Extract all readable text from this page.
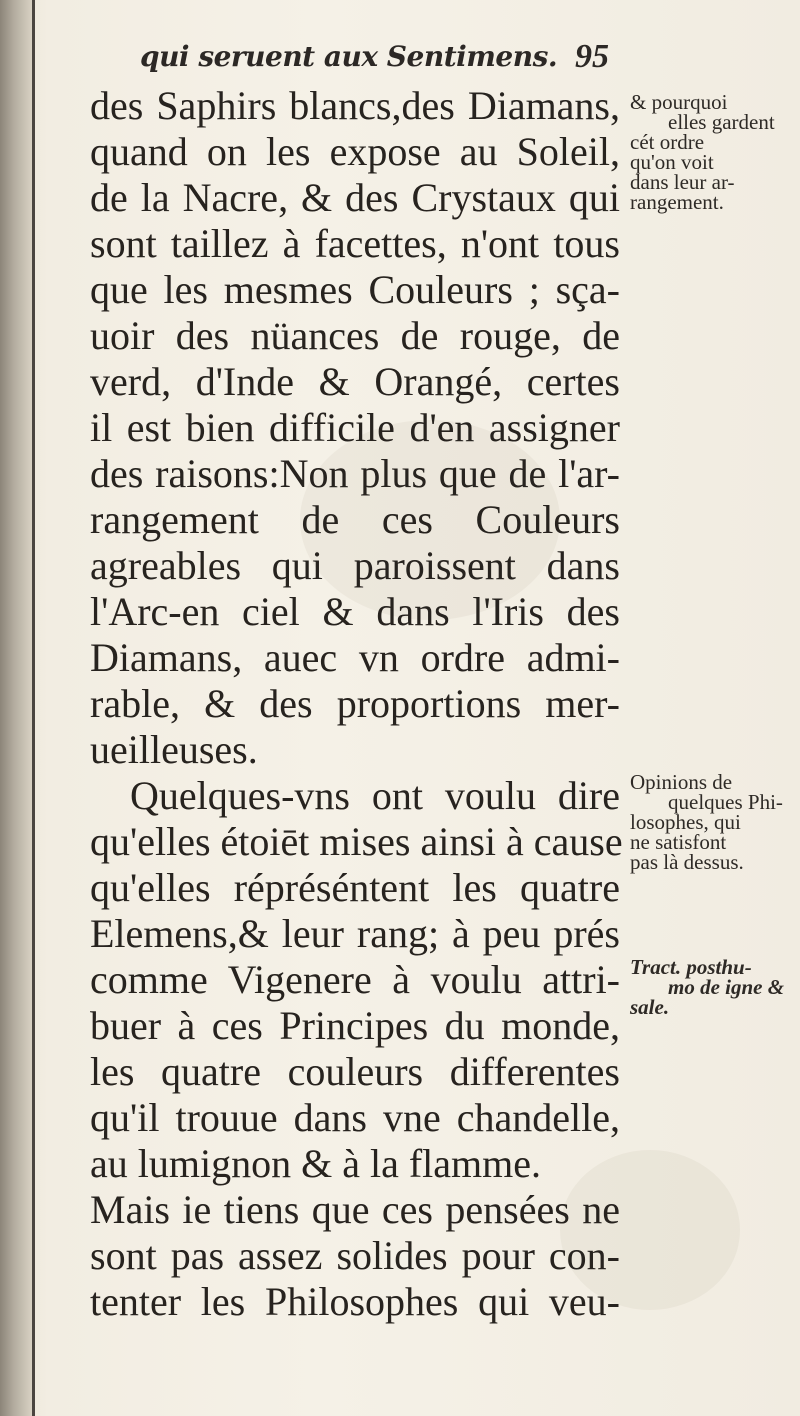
qui seruent aux Sentimens. 95
des Saphirs blancs,des Diamans,
quand on les expose au Soleil,
de la Nacre, & des Crystaux qui
sont taillez à facettes, n'ont tous
que les mesmes Couleurs ; sça-
uoir des nüances de rouge, de
verd, d'Inde & Orangé, certes
il est bien difficile d'en assigner
des raisons:Non plus que de l'ar-
rangement de ces Couleurs
agreables qui paroissent dans
l'Arc-en ciel & dans l'Iris des
Diamans, auec vn ordre admi-
rable, & des proportions mer-
ueilleuses.
Quelques-vns ont voulu dire
qu'elles étoiēt mises ainsi à cause
qu'elles répréséntent les quatre
Elemens,& leur rang; à peu prés
comme Vigenere à voulu attri-
buer à ces Principes du monde,
les quatre couleurs differentes
qu'il trouue dans vne chandelle,
au lumignon & à la flamme.
Mais ie tiens que ces pensées ne
sont pas assez solides pour con-
tenter les Philosophes qui veu-
& pourquoi
elles gardent
cét ordre
qu'on voit
dans leur ar-
rangement.
Opinions de
quelques Phi-
losophes, qui
ne satisfont
pas là dessus.
Tract. posthu-
mo de igne &
sale.
